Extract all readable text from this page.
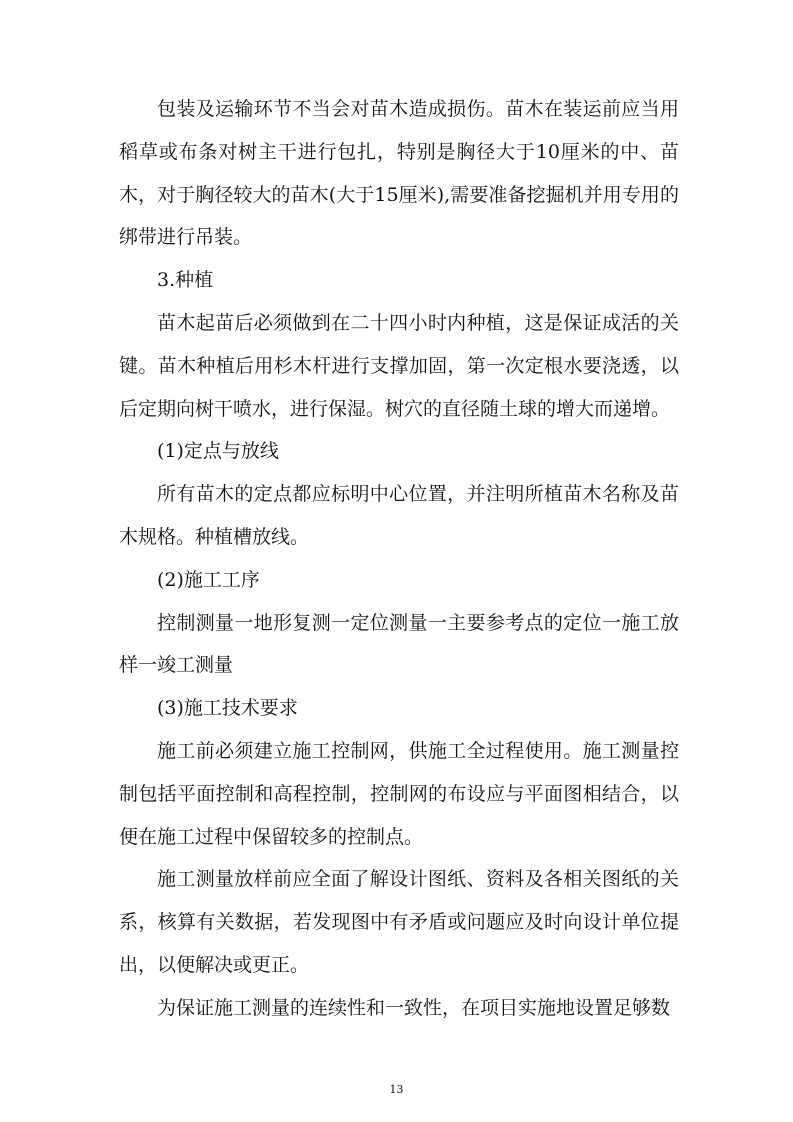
包装及运输环节不当会对苗木造成损伤。苗木在装运前应当用稻草或布条对树主干进行包扎，特别是胸径大于10厘米的中、苗木，对于胸径较大的苗木(大于15厘米),需要准备挖掘机并用专用的绑带进行吊装。

3.种植

苗木起苗后必须做到在二十四小时内种植，这是保证成活的关键。苗木种植后用杉木杆进行支撑加固，第一次定根水要浇透，以后定期向树干喷水，进行保湿。树穴的直径随土球的增大而递增。

(1)定点与放线

所有苗木的定点都应标明中心位置，并注明所植苗木名称及苗木规格。种植槽放线。

(2)施工工序

控制测量一地形复测一定位测量一主要参考点的定位一施工放样一竣工测量

(3)施工技术要求

施工前必须建立施工控制网，供施工全过程使用。施工测量控制包括平面控制和高程控制，控制网的布设应与平面图相结合，以便在施工过程中保留较多的控制点。

施工测量放样前应全面了解设计图纸、资料及各相关图纸的关系，核算有关数据，若发现图中有矛盾或问题应及时向设计单位提出，以便解决或更正。

为保证施工测量的连续性和一致性，在项目实施地设置足够数

13
